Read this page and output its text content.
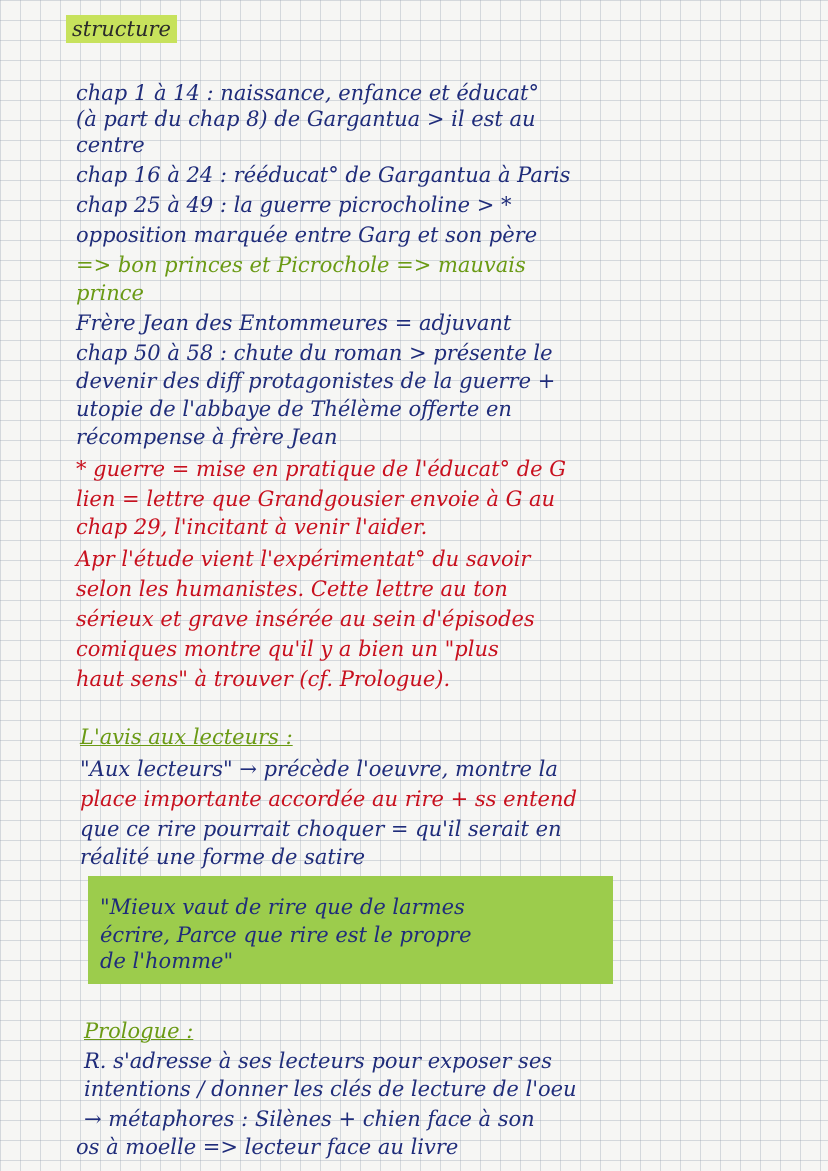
structure
chap 1 à 14 : naissance, enfance et éducat°
(à part du chap 8) de Gargantua > il est au
centre
chap 16 à 24 : rééducat° de Gargantua à Paris
chap 25 à 49 : la guerre picrocholine > *
opposition marquée entre Garg et son père
=> bon princes et Picrochole => mauvais
prince
Frère Jean des Entommeures = adjuvant
chap 50 à 58 : chute du roman > présente le
devenir des diff protagonistes de la guerre +
utopie de l'abbaye de Thélème offerte en
récompense à frère Jean
* guerre = mise en pratique de l'éducat° de G
lien = lettre que Grandgousier envoie à G au
chap 29, l'incitant à venir l'aider.
Apr l'étude vient l'expérimentat° du savoir
selon les humanistes. Cette lettre au ton
sérieux et grave insérée au sein d'épisodes
comiques montre qu'il y a bien un "plus
haut sens" à trouver (cf. Prologue).
L'avis aux lecteurs :
"Aux lecteurs" → précède l'oeuvre, montre la
place importante accordée au rire + ss entend
que ce rire pourrait choquer = qu'il serait en
réalité une forme de satire
"Mieux vaut de rire que de larmes
écrire, Parce que rire est le propre
de l'homme"
Prologue :
R. s'adresse à ses lecteurs pour exposer ses
intentions / donner les clés de lecture de l'oeu
→ métaphores : Silènes + chien face à son
os à moelle => lecteur face au livre
